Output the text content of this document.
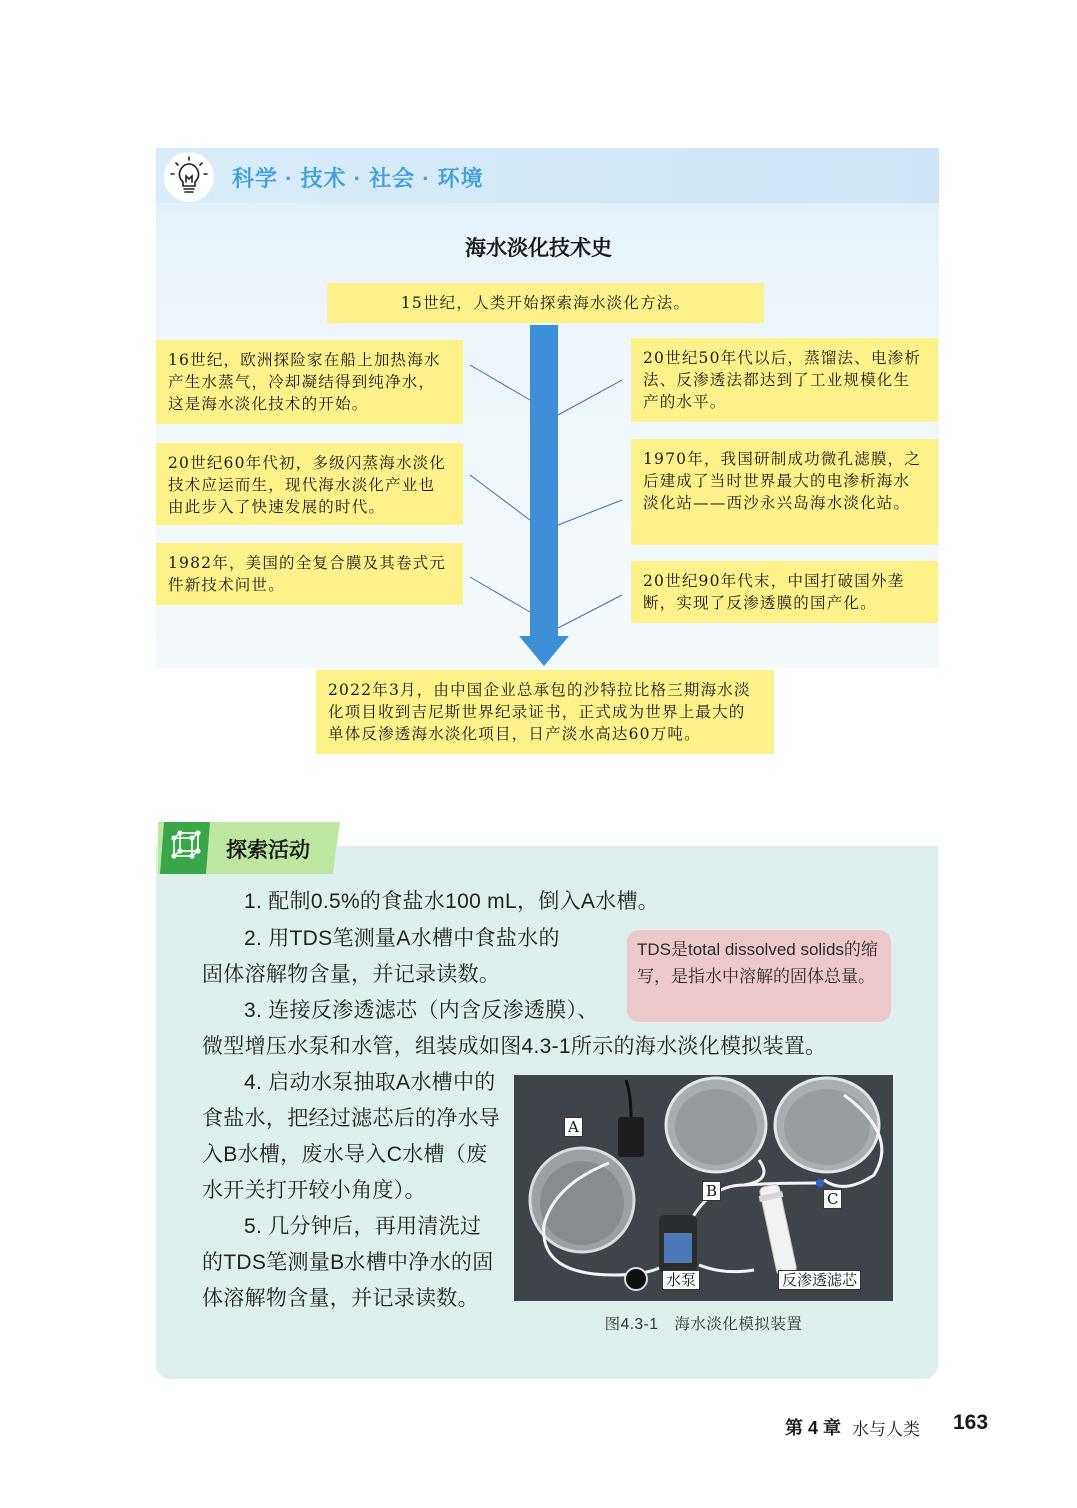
科学 · 技术 · 社会 · 环境
海水淡化技术史
15世纪，人类开始探索海水淡化方法。
16世纪，欧洲探险家在船上加热海水产生水蒸气，冷却凝结得到纯净水，这是海水淡化技术的开始。
20世纪60年代初，多级闪蒸海水淡化技术应运而生，现代海水淡化产业也由此步入了快速发展的时代。
1982年，美国的全复合膜及其卷式元件新技术问世。
20世纪50年代以后，蒸馏法、电渗析法、反渗透法都达到了工业规模化生产的水平。
1970年，我国研制成功微孔滤膜，之后建成了当时世界最大的电渗析海水淡化站——西沙永兴岛海水淡化站。
20世纪90年代末，中国打破国外垄断，实现了反渗透膜的国产化。
2022年3月，由中国企业总承包的沙特拉比格三期海水淡化项目收到吉尼斯世界纪录证书，正式成为世界上最大的单体反渗透海水淡化项目，日产淡水高达60万吨。
探索活动
1. 配制0.5%的食盐水100 mL，倒入A水槽。
2. 用TDS笔测量A水槽中食盐水的
固体溶解物含量，并记录读数。
3. 连接反渗透滤芯（内含反渗透膜）、
微型增压水泵和水管，组装成如图4.3-1所示的海水淡化模拟装置。
4. 启动水泵抽取A水槽中的食盐水，把经过滤芯后的净水导入B水槽，废水导入C水槽（废水开关打开较小角度）。
5. 几分钟后，再用清洗过的TDS笔测量B水槽中净水的固体溶解物含量，并记录读数。
TDS是total dissolved solids的缩写，是指水中溶解的固体总量。
A
B	C
水泵	反渗透滤芯
图4.3-1　海水淡化模拟装置
第 4 章 水与人类 163
